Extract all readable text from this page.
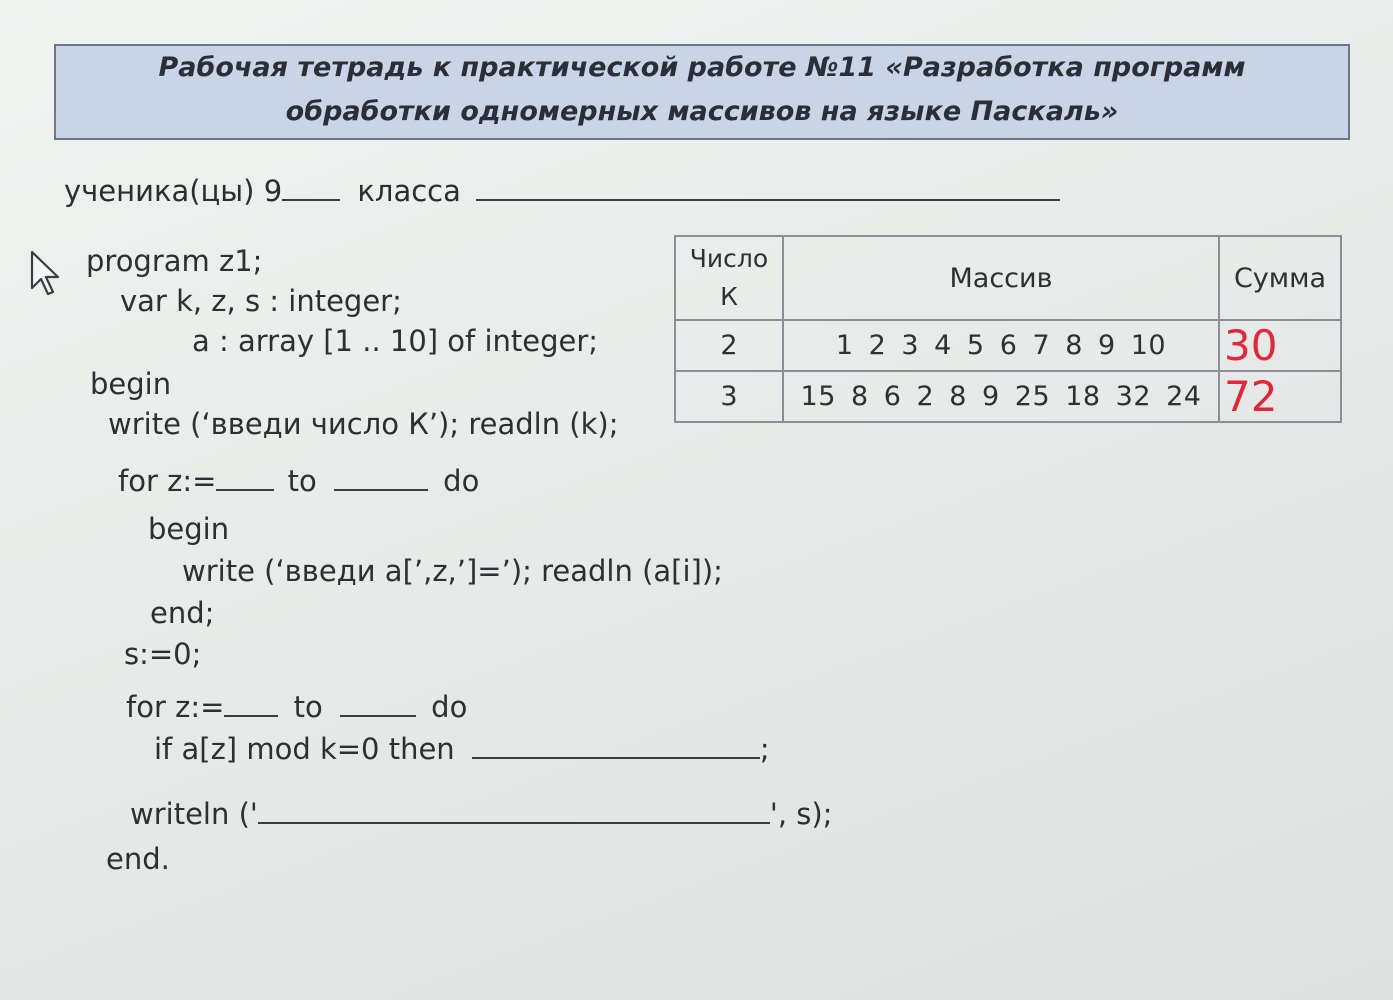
Рабочая тетрадь к практической работе №11 «Разработка программ
обработки одномерных массивов на языке Паскаль»
ученика(цы) 9	класса
program z1;
var k, z, s : integer;
a : array [1 .. 10] of integer;
begin
write (‘введи число К’); readln (k);
for z:= to	do
begin
write (‘введи a[’,z,’]=’); readln (a[i]);
end;
s:=0;
for z:= to	do
if a[z] mod k=0 then	;
writeln ('	', s);
end.
Число
К	Массив	Сумма
2	1 2 3 4 5 6 7 8 9 10	30
3	15 8 6 2 8 9 25 18 32 24	72
